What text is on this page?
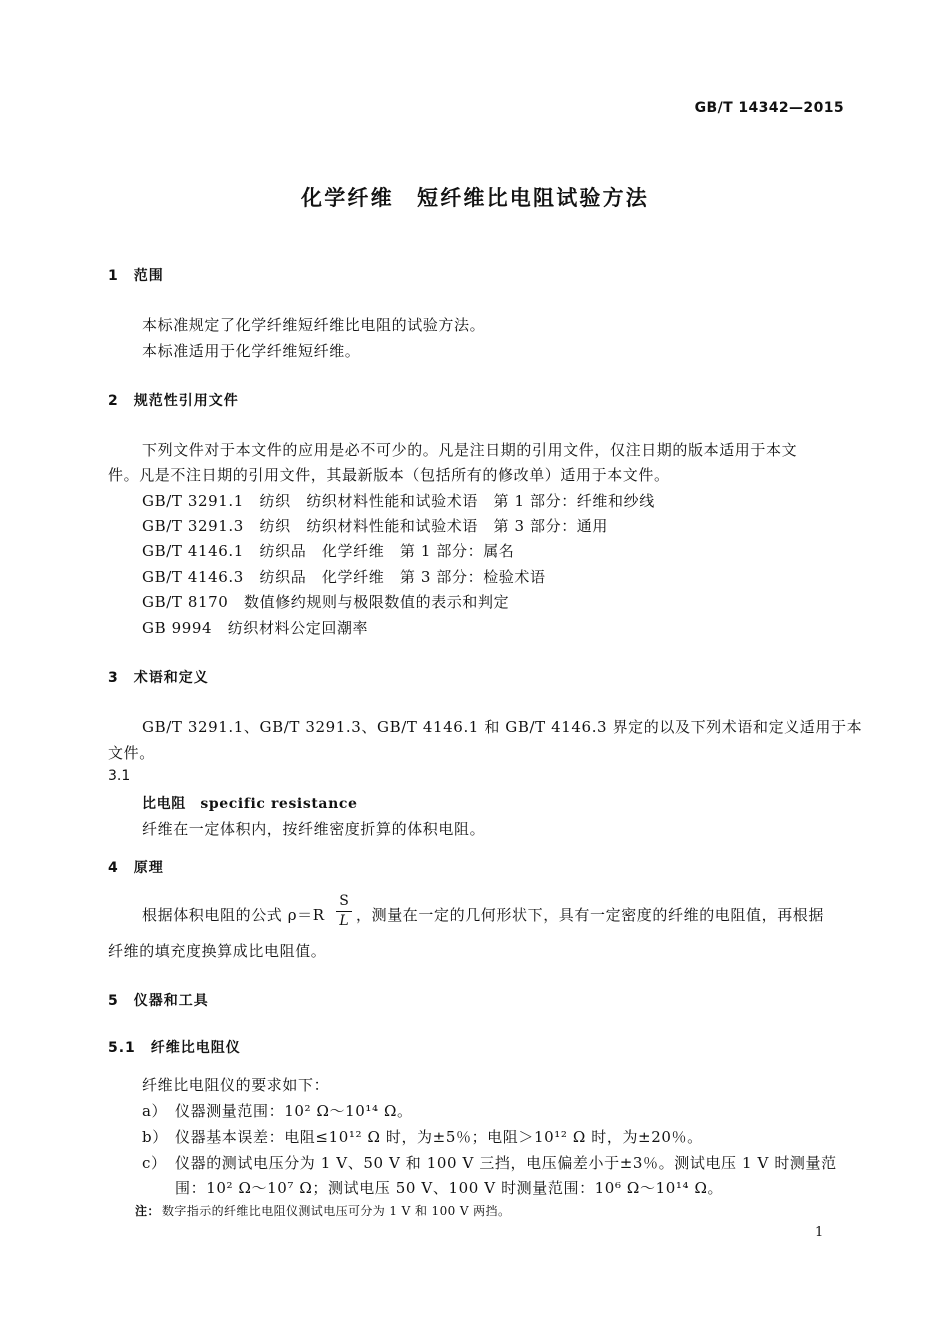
GB/T 14342—2015
化学纤维　短纤维比电阻试验方法
1　范围
本标准规定了化学纤维短纤维比电阻的试验方法。
本标准适用于化学纤维短纤维。
2　规范性引用文件
下列文件对于本文件的应用是必不可少的。凡是注日期的引用文件，仅注日期的版本适用于本文
件。凡是不注日期的引用文件，其最新版本（包括所有的修改单）适用于本文件。
GB/T 3291.1　纺织　纺织材料性能和试验术语　第 1 部分：纤维和纱线
GB/T 3291.3　纺织　纺织材料性能和试验术语　第 3 部分：通用
GB/T 4146.1　纺织品　化学纤维　第 1 部分：属名
GB/T 4146.3　纺织品　化学纤维　第 3 部分：检验术语
GB/T 8170　数值修约规则与极限数值的表示和判定
GB 9994　纺织材料公定回潮率
3　术语和定义
GB/T 3291.1、GB/T 3291.3、GB/T 4146.1 和 GB/T 4146.3 界定的以及下列术语和定义适用于本
文件。
3.1
比电阻　specific resistance
纤维在一定体积内，按纤维密度折算的体积电阻。
4　原理
根据体积电阻的公式 ρ＝R
S
L ，测量在一定的几何形状下，具有一定密度的纤维的电阻值，再根据
纤维的填充度换算成比电阻值。
5　仪器和工具
5.1　纤维比电阻仪
纤维比电阻仪的要求如下：
a） 仪器测量范围：10² Ω～10¹⁴ Ω。
b） 仪器基本误差：电阻≤10¹² Ω 时，为±5％；电阻＞10¹² Ω 时，为±20％。
c） 仪器的测试电压分为 1 V、50 V 和 100 V 三挡，电压偏差小于±3％。测试电压 1 V 时测量范
围：10² Ω～10⁷ Ω；测试电压 50 V、100 V 时测量范围：10⁶ Ω～10¹⁴ Ω。
注： 数字指示的纤维比电阻仪测试电压可分为 1 V 和 100 V 两挡。
1
